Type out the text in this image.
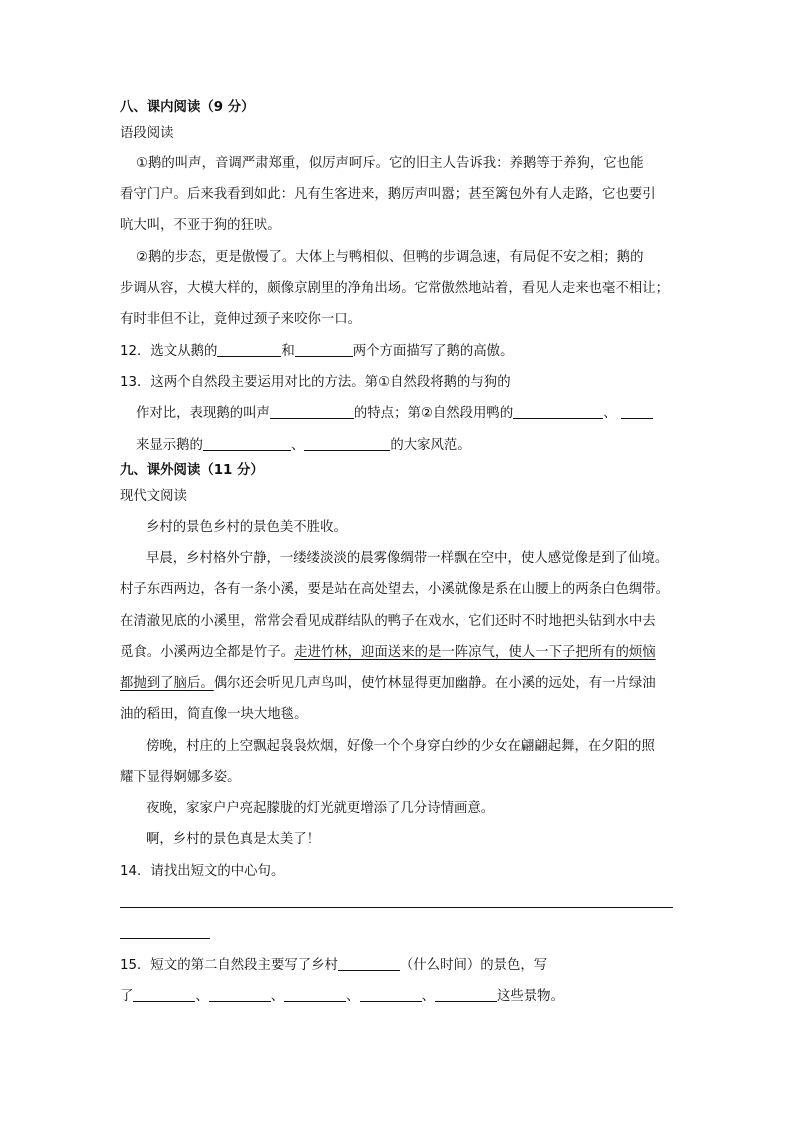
八、课内阅读（9 分）
语段阅读
①鹅的叫声，音调严肃郑重，似厉声呵斥。它的旧主人告诉我：养鹅等于养狗，它也能
看守门户。后来我看到如此：凡有生客进来，鹅厉声叫嚣；甚至篱包外有人走路，它也要引
吭大叫，不亚于狗的狂吠。
②鹅的步态，更是傲慢了。大体上与鸭相似、但鸭的步调急速，有局促不安之相；鹅的
步调从容，大模大样的，颇像京剧里的净角出场。它常傲然地站着，看见人走来也毫不相让；
有时非但不让，竟伸过颈子来咬你一口。
12．选文从鹅的	和	两个方面描写了鹅的高傲。
13．这两个自然段主要运用对比的方法。第①自然段将鹅的与狗的
作对比，表现鹅的叫声	的特点；第②自然段用鸭的	、
来显示鹅的	、	的大家风范。
九、课外阅读（11 分）
现代文阅读
乡村的景色乡村的景色美不胜收。
早晨，乡村格外宁静，一缕缕淡淡的晨雾像绸带一样飘在空中，使人感觉像是到了仙境。
村子东西两边，各有一条小溪，要是站在高处望去，小溪就像是系在山腰上的两条白色绸带。
在清澈见底的小溪里，常常会看见成群结队的鸭子在戏水，它们还时不时地把头钻到水中去
觅食。小溪两边全都是竹子。走进竹林，迎面送来的是一阵凉气，使人一下子把所有的烦恼
都抛到了脑后。偶尔还会听见几声鸟叫，使竹林显得更加幽静。在小溪的远处，有一片绿油
油的稻田，简直像一块大地毯。
傍晚，村庄的上空飘起袅袅炊烟，好像一个个身穿白纱的少女在翩翩起舞，在夕阳的照
耀下显得婀娜多姿。
夜晚，家家户户亮起朦胧的灯光就更增添了几分诗情画意。
啊，乡村的景色真是太美了！
14．请找出短文的中心句。
15．短文的第二自然段主要写了乡村	（什么时间）的景色，写
了	、	、	、	、	这些景物。
